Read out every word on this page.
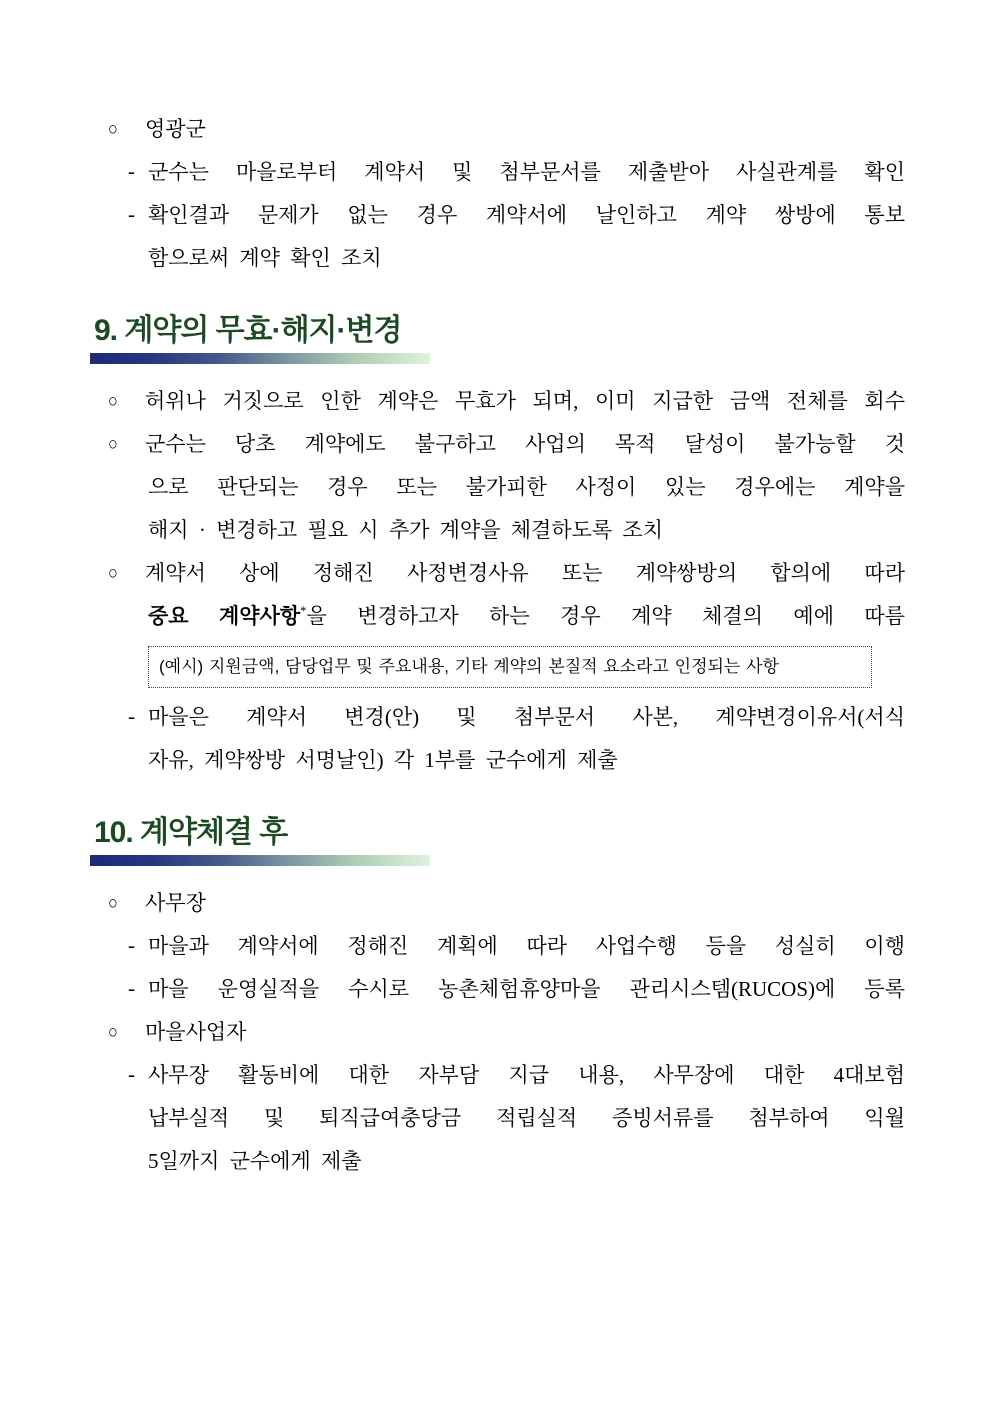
○ 영광군
- 군수는 마을로부터 계약서 및 첨부문서를 제출받아 사실관계를 확인
- 확인결과 문제가 없는 경우 계약서에 날인하고 계약 쌍방에 통보
함으로써 계약 확인 조치
9. 계약의 무효·해지·변경
○ 허위나 거짓으로 인한 계약은 무효가 되며, 이미 지급한 금액 전체를 회수
○ 군수는 당초 계약에도 불구하고 사업의 목적 달성이 불가능할 것
으로 판단되는 경우 또는 불가피한 사정이 있는 경우에는 계약을
해지 · 변경하고 필요 시 추가 계약을 체결하도록 조치
○ 계약서 상에 정해진 사정변경사유 또는 계약쌍방의 합의에 따라
중요 계약사항*을 변경하고자 하는 경우 계약 체결의 예에 따름
(예시) 지원금액, 담당업무 및 주요내용, 기타 계약의 본질적 요소라고 인정되는 사항
- 마을은 계약서 변경(안) 및 첨부문서 사본, 계약변경이유서(서식
자유, 계약쌍방 서명날인) 각 1부를 군수에게 제출
10. 계약체결 후
○ 사무장
- 마을과 계약서에 정해진 계획에 따라 사업수행 등을 성실히 이행
- 마을 운영실적을 수시로 농촌체험휴양마을 관리시스템(RUCOS)에 등록
○ 마을사업자
- 사무장 활동비에 대한 자부담 지급 내용, 사무장에 대한 4대보험
납부실적 및 퇴직급여충당금 적립실적 증빙서류를 첨부하여 익월
5일까지 군수에게 제출
